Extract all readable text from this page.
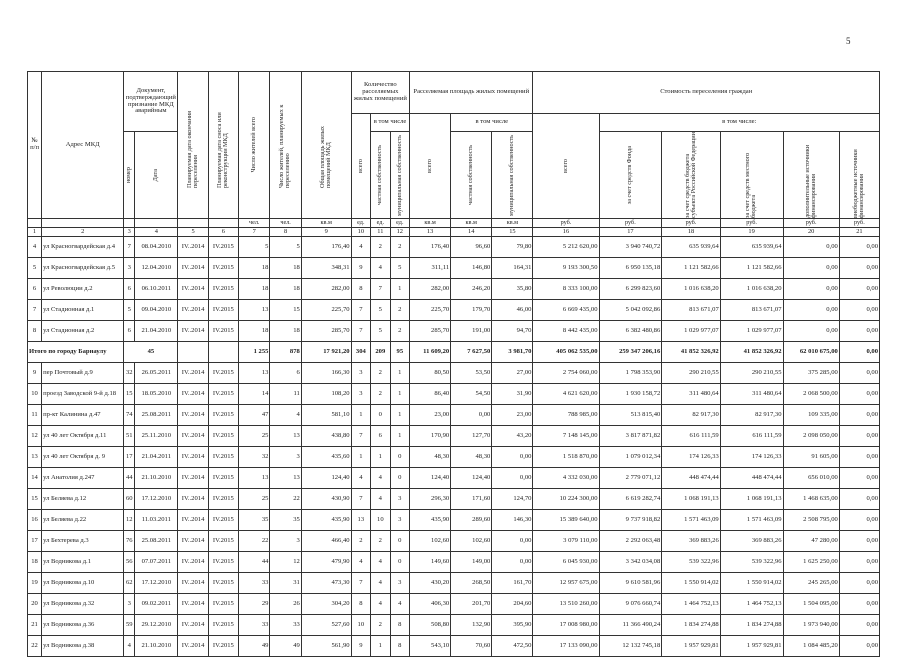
5
№ п/п	Адрес МКД	Документ, подтверждающий признание МКД аварийным		Планируемая дата окончания переселения	Планируемая дата сноса или реконструкции МКД	Число жителей всего	Число жителей, планируемых к переселению	Общая площадь жилых помещений МКД	Количество расселяемых жилых помещений			Расселяемая площадь жилых помещений			Стоимость переселения граждан					

									всего	в том числе		всего	в том числе		всего	в том числе:				

		номер	Дата							частная собственность	муниципальная собственность		частная собственность	муниципальная собственность		за счет средств Фонда	за счет средств бюджета субъекта Российской Федерации	за счет средств местного бюджета	дополнительные источники финансирования	внебюджетные источники финансирования

						чел.	чел.	кв.м	ед.	ед.	ед.	кв.м	кв.м	кв.м	руб.	руб.	руб.	руб.	руб.	руб.
1	2	3	4	5	6	7	8	9	10	11	12	13	14	15	16	17	18	19	20	21
4	ул Красногвардейская д.4	7	08.04.2010	IV..2014	IV.2015	5	5	176,40	4	2	2	176,40	96,60	79,80	5 212 620,00	3 940 740,72	635 939,64	635 939,64	0,00	0,00
5	ул Красногвардейская д.5	3	12.04.2010	IV..2014	IV.2015	18	18	348,31	9	4	5	311,11	146,80	164,31	9 193 300,50	6 950 135,18	1 121 582,66	1 121 582,66	0,00	0,00
6	ул Революции д.2	6	06.10.2011	IV..2014	IV.2015	18	18	282,00	8	7	1	282,00	246,20	35,80	8 333 100,00	6 299 823,60	1 016 638,20	1 016 638,20	0,00	0,00
7	ул Стадионная д.1	5	09.04.2010	IV..2014	IV.2015	13	15	225,70	7	5	2	225,70	179,70	46,00	6 669 435,00	5 042 092,86	813 671,07	813 671,07	0,00	0,00
8	ул Стадионная д.2	6	21.04.2010	IV..2014	IV.2015	18	18	285,70	7	5	2	285,70	191,00	94,70	8 442 435,00	6 382 480,86	1 029 977,07	1 029 977,07	0,00	0,00
Итого по городу Барнаулу		45				1 255	878	17 921,20	304	209	95	11 609,20	7 627,50	3 981,70	405 062 535,00	259 347 206,16	41 852 326,92	41 852 326,92	62 010 675,00	0,00
9	пер Почтовый д.9	32	26.05.2011	IV..2014	IV.2015	13	6	166,30	3	2	1	80,50	53,50	27,00	2 754 060,00	1 798 353,90	290 210,55	290 210,55	375 285,00	0,00
10	проезд Заводской 9-й д.18	15	18.05.2010	IV..2014	IV.2015	14	11	108,20	3	2	1	86,40	54,50	31,90	4 621 620,00	1 930 158,72	311 480,64	311 480,64	2 068 500,00	0,00
11	пр-кт Калинина д.47	74	25.08.2011	IV..2014	IV.2015	47	4	581,10	1	0	1	23,00	0,00	23,00	788 985,00	513 815,40	82 917,30	82 917,30	109 335,00	0,00
12	ул 40 лет Октября д.11	51	25.11.2010	IV..2014	IV.2015	25	13	438,80	7	6	1	170,90	127,70	43,20	7 148 145,00	3 817 871,82	616 111,59	616 111,59	2 098 050,00	0,00
13	ул 40 лет Октября д. 9	17	21.04.2011	IV..2014	IV.2015	32	3	435,60	1	1	0	48,30	48,30	0,00	1 518 870,00	1 079 012,34	174 126,33	174 126,33	91 605,00	0,00
14	ул Анатолия д.247	44	21.10.2010	IV..2014	IV.2015	13	13	124,40	4	4	0	124,40	124,40	0,00	4 332 030,00	2 779 071,12	448 474,44	448 474,44	656 010,00	0,00
15	ул Беляева д.12	60	17.12.2010	IV..2014	IV.2015	25	22	430,90	7	4	3	296,30	171,60	124,70	10 224 300,00	6 619 282,74	1 068 191,13	1 068 191,13	1 468 635,00	0,00
16	ул Беляева д.22	12	11.03.2011	IV..2014	IV.2015	35	35	435,90	13	10	3	435,90	289,60	146,30	15 389 640,00	9 737 918,82	1 571 463,09	1 571 463,09	2 508 795,00	0,00
17	ул Бехтерева д.3	76	25.08.2011	IV..2014	IV.2015	22	3	466,40	2	2	0	102,60	102,60	0,00	3 079 110,00	2 292 063,48	369 883,26	369 883,26	47 280,00	0,00
18	ул Водникова д.1	56	07.07.2011	IV..2014	IV.2015	44	12	479,90	4	4	0	149,60	149,00	0,00	6 045 930,00	3 342 034,08	539 322,96	539 322,96	1 625 250,00	0,00
19	ул Водникова д.10	62	17.12.2010	IV..2014	IV.2015	33	31	473,30	7	4	3	430,20	268,50	161,70	12 957 675,00	9 610 581,96	1 550 914,02	1 550 914,02	245 265,00	0,00
20	ул Водникова д.32	3	09.02.2011	IV..2014	IV.2015	29	26	304,20	8	4	4	406,30	201,70	204,60	13 510 260,00	9 076 660,74	1 464 752,13	1 464 752,13	1 504 095,00	0,00
21	ул Водникова д.36	59	29.12.2010	IV..2014	IV.2015	33	33	527,60	10	2	8	508,80	132,90	395,90	17 008 980,00	11 366 490,24	1 834 274,88	1 834 274,88	1 973 940,00	0,00
22	ул Водникова д.38	4	21.10.2010	IV..2014	IV.2015	49	49	561,90	9	1	8	543,10	70,60	472,50	17 133 090,00	12 132 745,18	1 957 929,81	1 957 929,81	1 084 485,20	0,00
